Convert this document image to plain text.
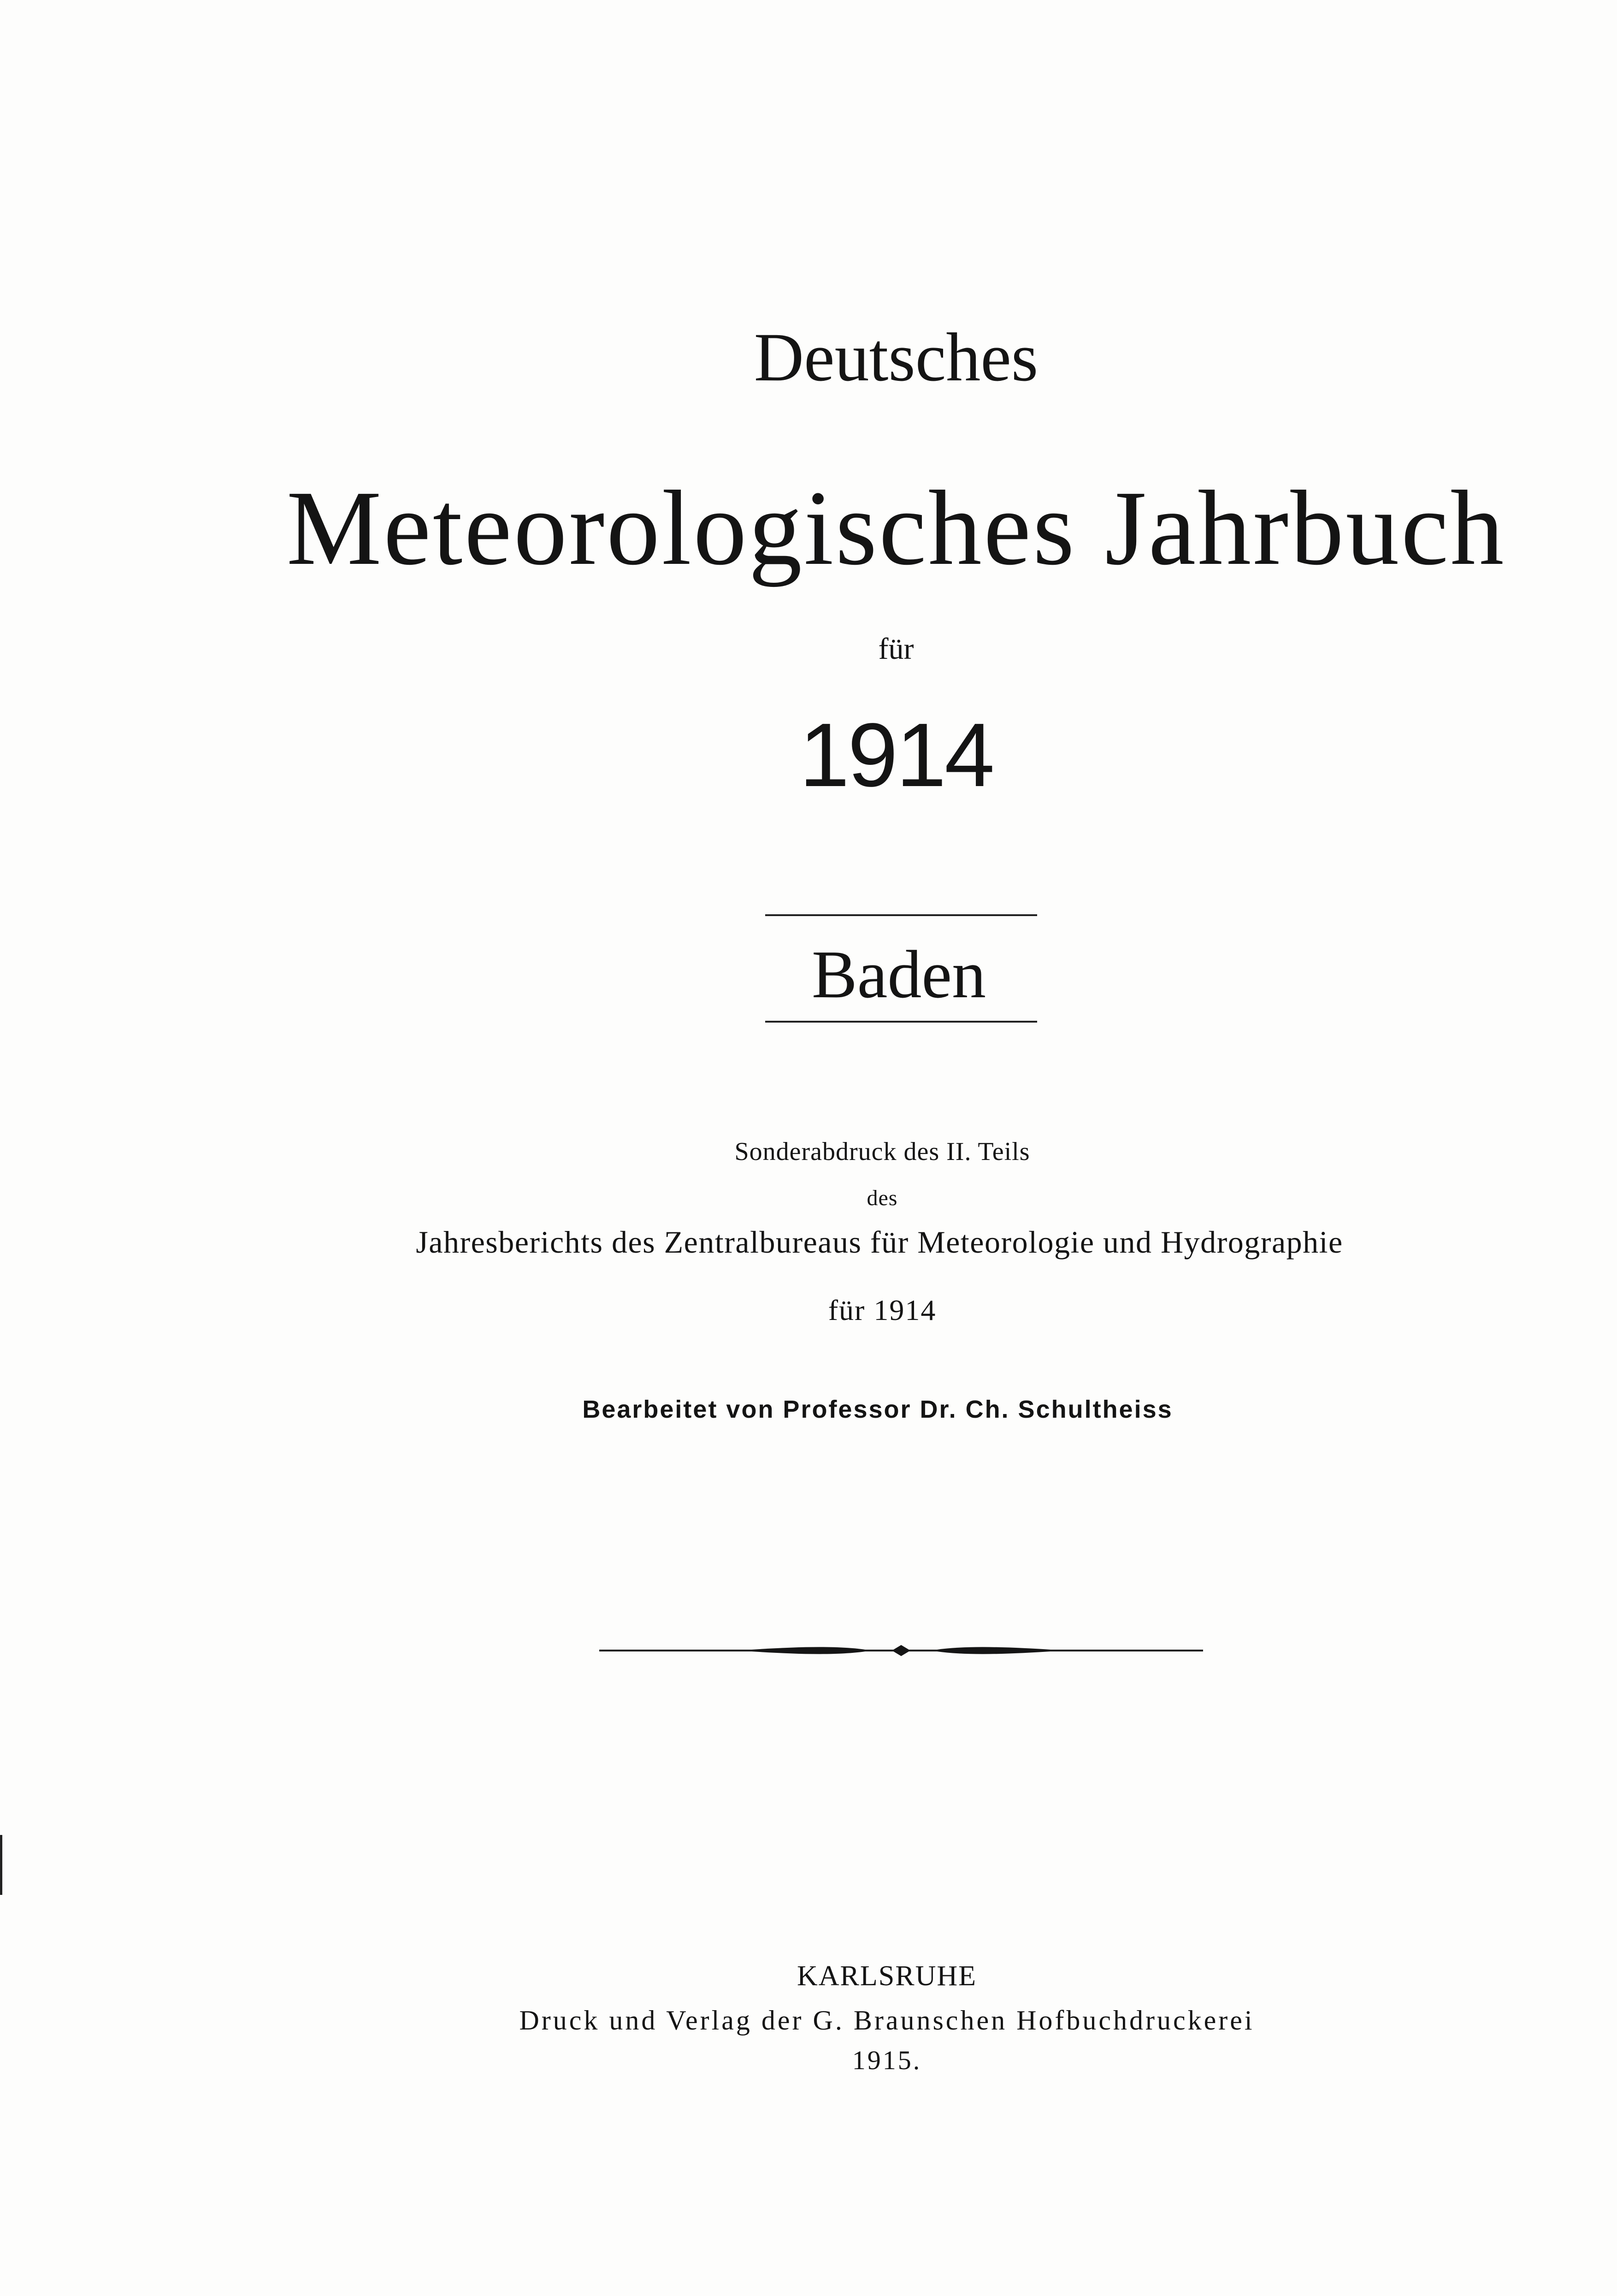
Deutsches
Meteorologisches Jahrbuch
für
1914
Baden
Sonderabdruck des II. Teils
des
Jahresberichts des Zentralbureaus für Meteorologie und Hydrographie
für 1914
Bearbeitet von Professor Dr. Ch. Schultheiss
KARLSRUHE
Druck und Verlag der G. Braunschen Hofbuchdruckerei
1915.
